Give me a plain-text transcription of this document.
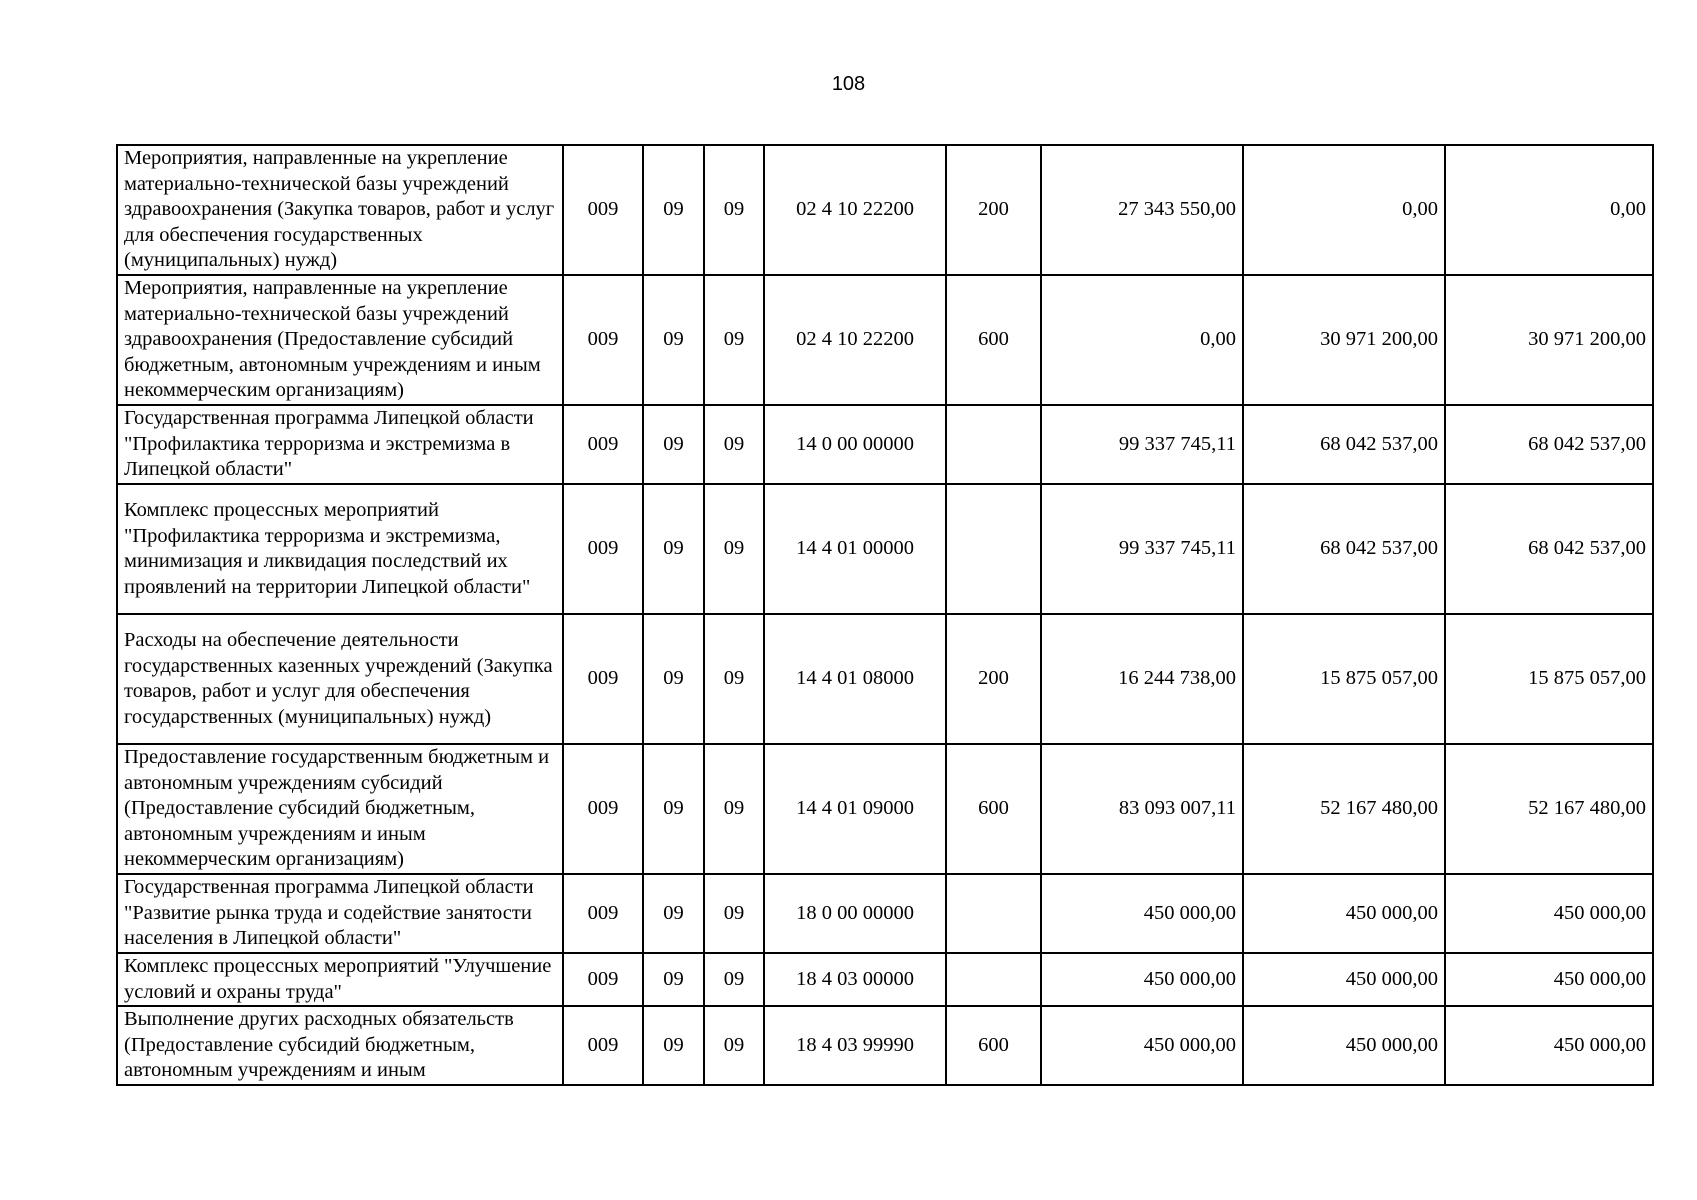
108
Мероприятия, направленные на укрепление материально-технической базы учреждений здравоохранения (Закупка товаров, работ и услуг для обеспечения государственных (муниципальных) нужд)	009	09	09	02 4 10 22200	200	27 343 550,00	0,00	0,00
Мероприятия, направленные на укрепление материально-технической базы учреждений здравоохранения (Предоставление субсидий бюджетным, автономным учреждениям и иным некоммерческим организациям)	009	09	09	02 4 10 22200	600	0,00	30 971 200,00	30 971 200,00
Государственная программа Липецкой области "Профилактика терроризма и экстремизма в Липецкой области"	009	09	09	14 0 00 00000		99 337 745,11	68 042 537,00	68 042 537,00
Комплекс процессных мероприятий "Профилактика терроризма и экстремизма, минимизация и ликвидация последствий их проявлений на территории Липецкой области"	009	09	09	14 4 01 00000		99 337 745,11	68 042 537,00	68 042 537,00
Расходы на обеспечение деятельности государственных казенных учреждений (Закупка товаров, работ и услуг для обеспечения государственных (муниципальных) нужд)	009	09	09	14 4 01 08000	200	16 244 738,00	15 875 057,00	15 875 057,00
Предоставление государственным бюджетным и автономным учреждениям субсидий (Предоставление субсидий бюджетным, автономным учреждениям и иным некоммерческим организациям)	009	09	09	14 4 01 09000	600	83 093 007,11	52 167 480,00	52 167 480,00
Государственная программа Липецкой области "Развитие рынка труда и содействие занятости населения в Липецкой области"	009	09	09	18 0 00 00000		450 000,00	450 000,00	450 000,00
Комплекс процессных мероприятий "Улучшение условий и охраны труда"	009	09	09	18 4 03 00000		450 000,00	450 000,00	450 000,00
Выполнение других расходных обязательств (Предоставление субсидий бюджетным, автономным учреждениям и иным	009	09	09	18 4 03 99990	600	450 000,00	450 000,00	450 000,00
